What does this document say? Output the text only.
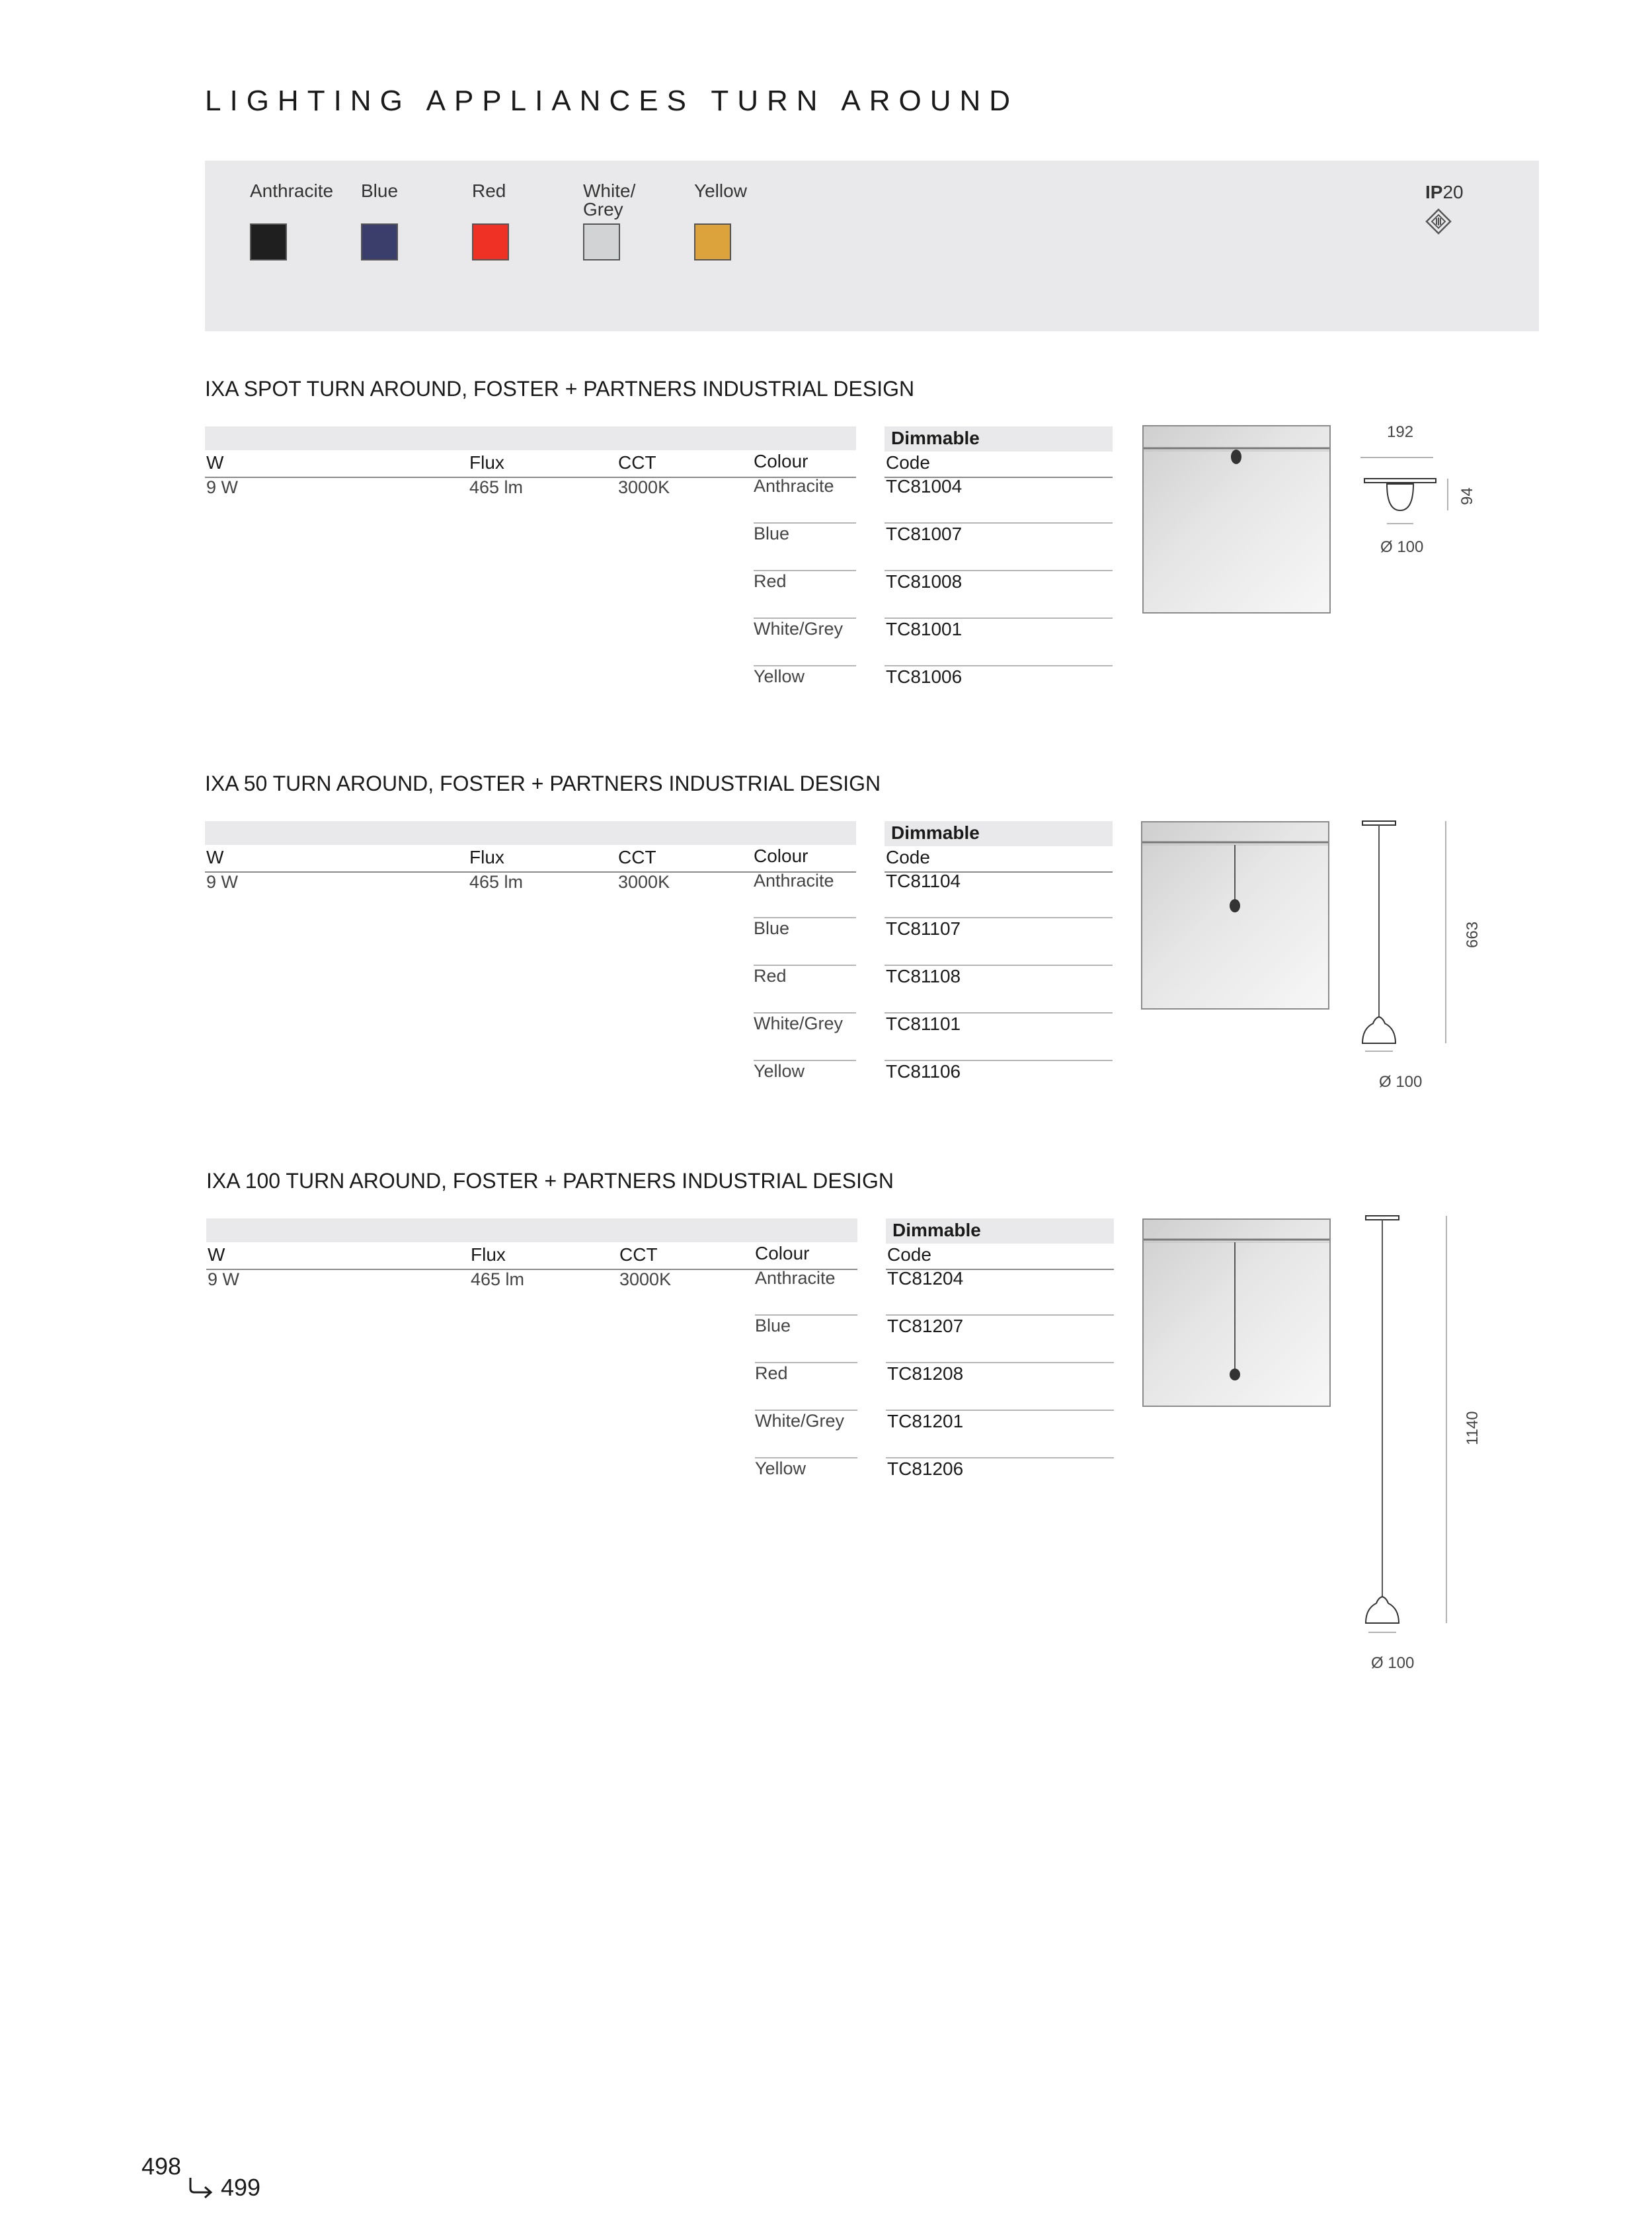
LIGHTING APPLIANCES TURN AROUND
Anthracite Blue	Red	White/
Grey
Yellow	IP20
IXA SPOT TURN AROUND, FOSTER + PARTNERS INDUSTRIAL DESIGN
Dimmable
W	Flux	CCT	Colour	Code
9 W	465 lm	3000K	Anthracite	TC81004
Blue	TC81007
Red	TC81008
White/Grey TC81001
Yellow	TC81006
192
94
Ø 100
IXA 50 TURN AROUND, FOSTER + PARTNERS INDUSTRIAL DESIGN
Dimmable
W	Flux	CCT	Colour	Code
9 W	465 lm	3000K	Anthracite	TC81104
Blue	TC81107
Red	TC81108
White/Grey TC81101
Yellow	TC81106
663
Ø 100
IXA 100 TURN AROUND, FOSTER + PARTNERS INDUSTRIAL DESIGN
Dimmable
W	Flux	CCT	Colour	Code
9 W	465 lm	3000K	Anthracite	TC81204
Blue	TC81207
Red	TC81208
White/Grey TC81201
Yellow	TC81206
1140
Ø 100
498
499
